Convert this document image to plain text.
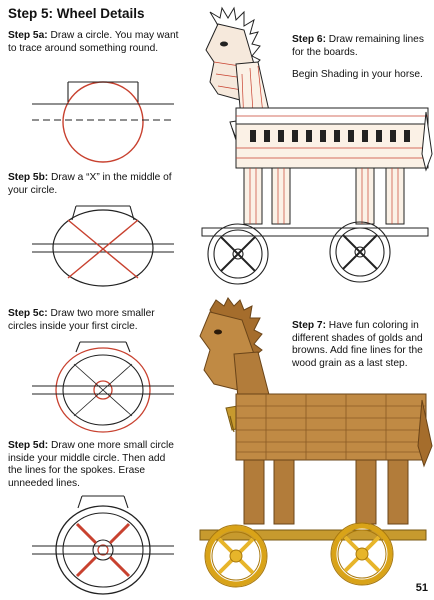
Step 5: Wheel Details
Step 5a: Draw a circle. You may want to trace around something round.
Step 5b: Draw a “X” in the middle of your circle.
Step 5c: Draw two more smaller circles inside your first circle.
Step 5d: Draw one more small circle inside your middle circle. Then add the lines for the spokes. Erase unneeded lines.
Step 6: Draw remaining lines for the boards.
Begin Shading in your horse.
Step 7: Have fun coloring in different shades of golds and browns. Add fine lines for the wood grain as a last step.
51
